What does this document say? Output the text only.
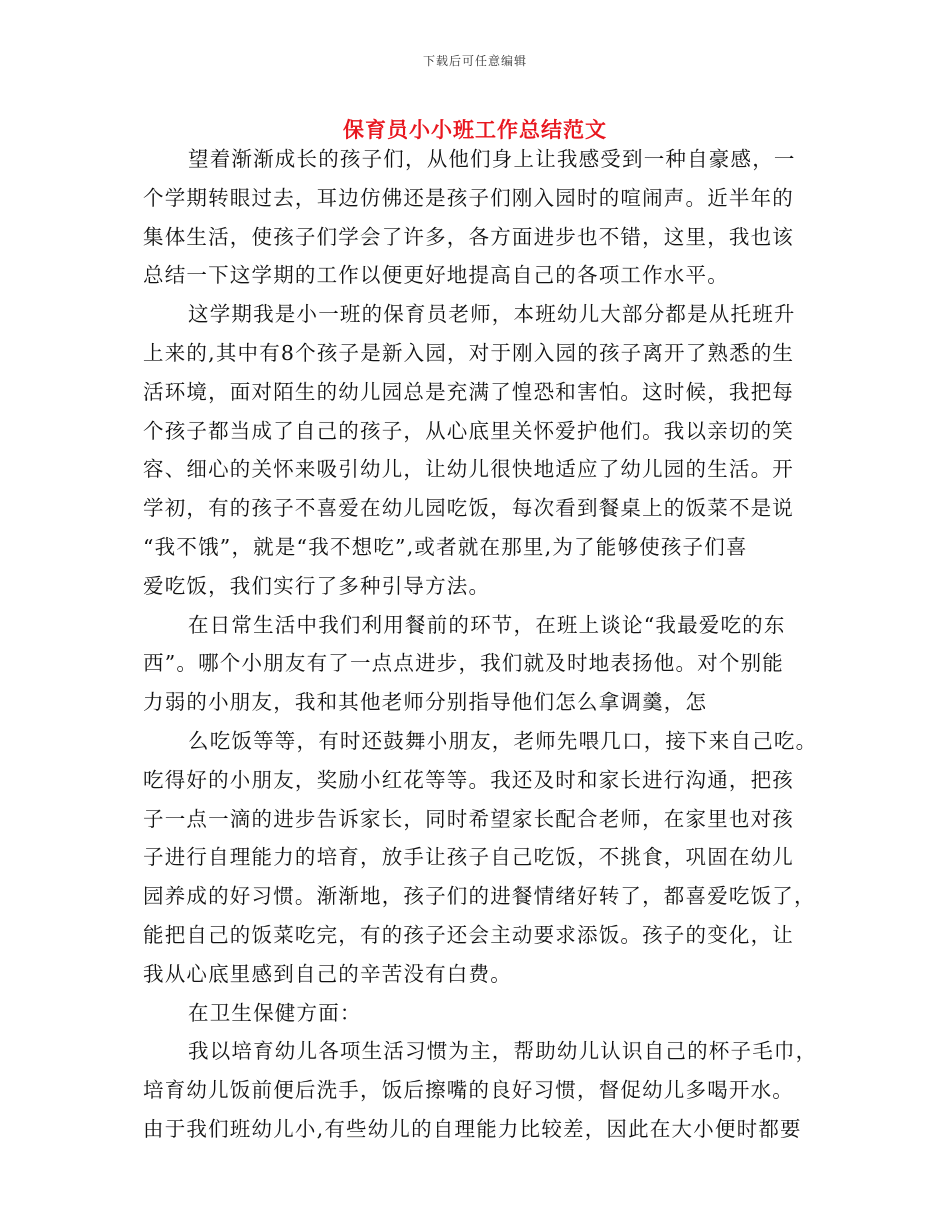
下载后可任意编辑
保育员小小班工作总结范文
望着渐渐成长的孩子们，从他们身上让我感受到一种自豪感，一
个学期转眼过去，耳边仿佛还是孩子们刚入园时的喧闹声。近半年的
集体生活，使孩子们学会了许多，各方面进步也不错，这里，我也该
总结一下这学期的工作以便更好地提高自己的各项工作水平。
这学期我是小一班的保育员老师，本班幼儿大部分都是从托班升
上来的,其中有8个孩子是新入园，对于刚入园的孩子离开了熟悉的生
活环境，面对陌生的幼儿园总是充满了惶恐和害怕。这时候，我把每
个孩子都当成了自己的孩子，从心底里关怀爱护他们。我以亲切的笑
容、细心的关怀来吸引幼儿，让幼儿很快地适应了幼儿园的生活。开
学初，有的孩子不喜爱在幼儿园吃饭，每次看到餐桌上的饭菜不是说
“我不饿”，就是“我不想吃”,或者就在那里,为了能够使孩子们喜
爱吃饭，我们实行了多种引导方法。
在日常生活中我们利用餐前的环节，在班上谈论“我最爱吃的东
西”。哪个小朋友有了一点点进步，我们就及时地表扬他。对个别能
力弱的小朋友，我和其他老师分别指导他们怎么拿调羹，怎
么吃饭等等，有时还鼓舞小朋友，老师先喂几口，接下来自己吃。
吃得好的小朋友，奖励小红花等等。我还及时和家长进行沟通，把孩
子一点一滴的进步告诉家长，同时希望家长配合老师，在家里也对孩
子进行自理能力的培育，放手让孩子自己吃饭，不挑食，巩固在幼儿
园养成的好习惯。渐渐地，孩子们的进餐情绪好转了，都喜爱吃饭了，
能把自己的饭菜吃完，有的孩子还会主动要求添饭。孩子的变化，让
我从心底里感到自己的辛苦没有白费。
在卫生保健方面：
我以培育幼儿各项生活习惯为主，帮助幼儿认识自己的杯子毛巾，
培育幼儿饭前便后洗手，饭后擦嘴的良好习惯，督促幼儿多喝开水。
由于我们班幼儿小,有些幼儿的自理能力比较差，因此在大小便时都要
